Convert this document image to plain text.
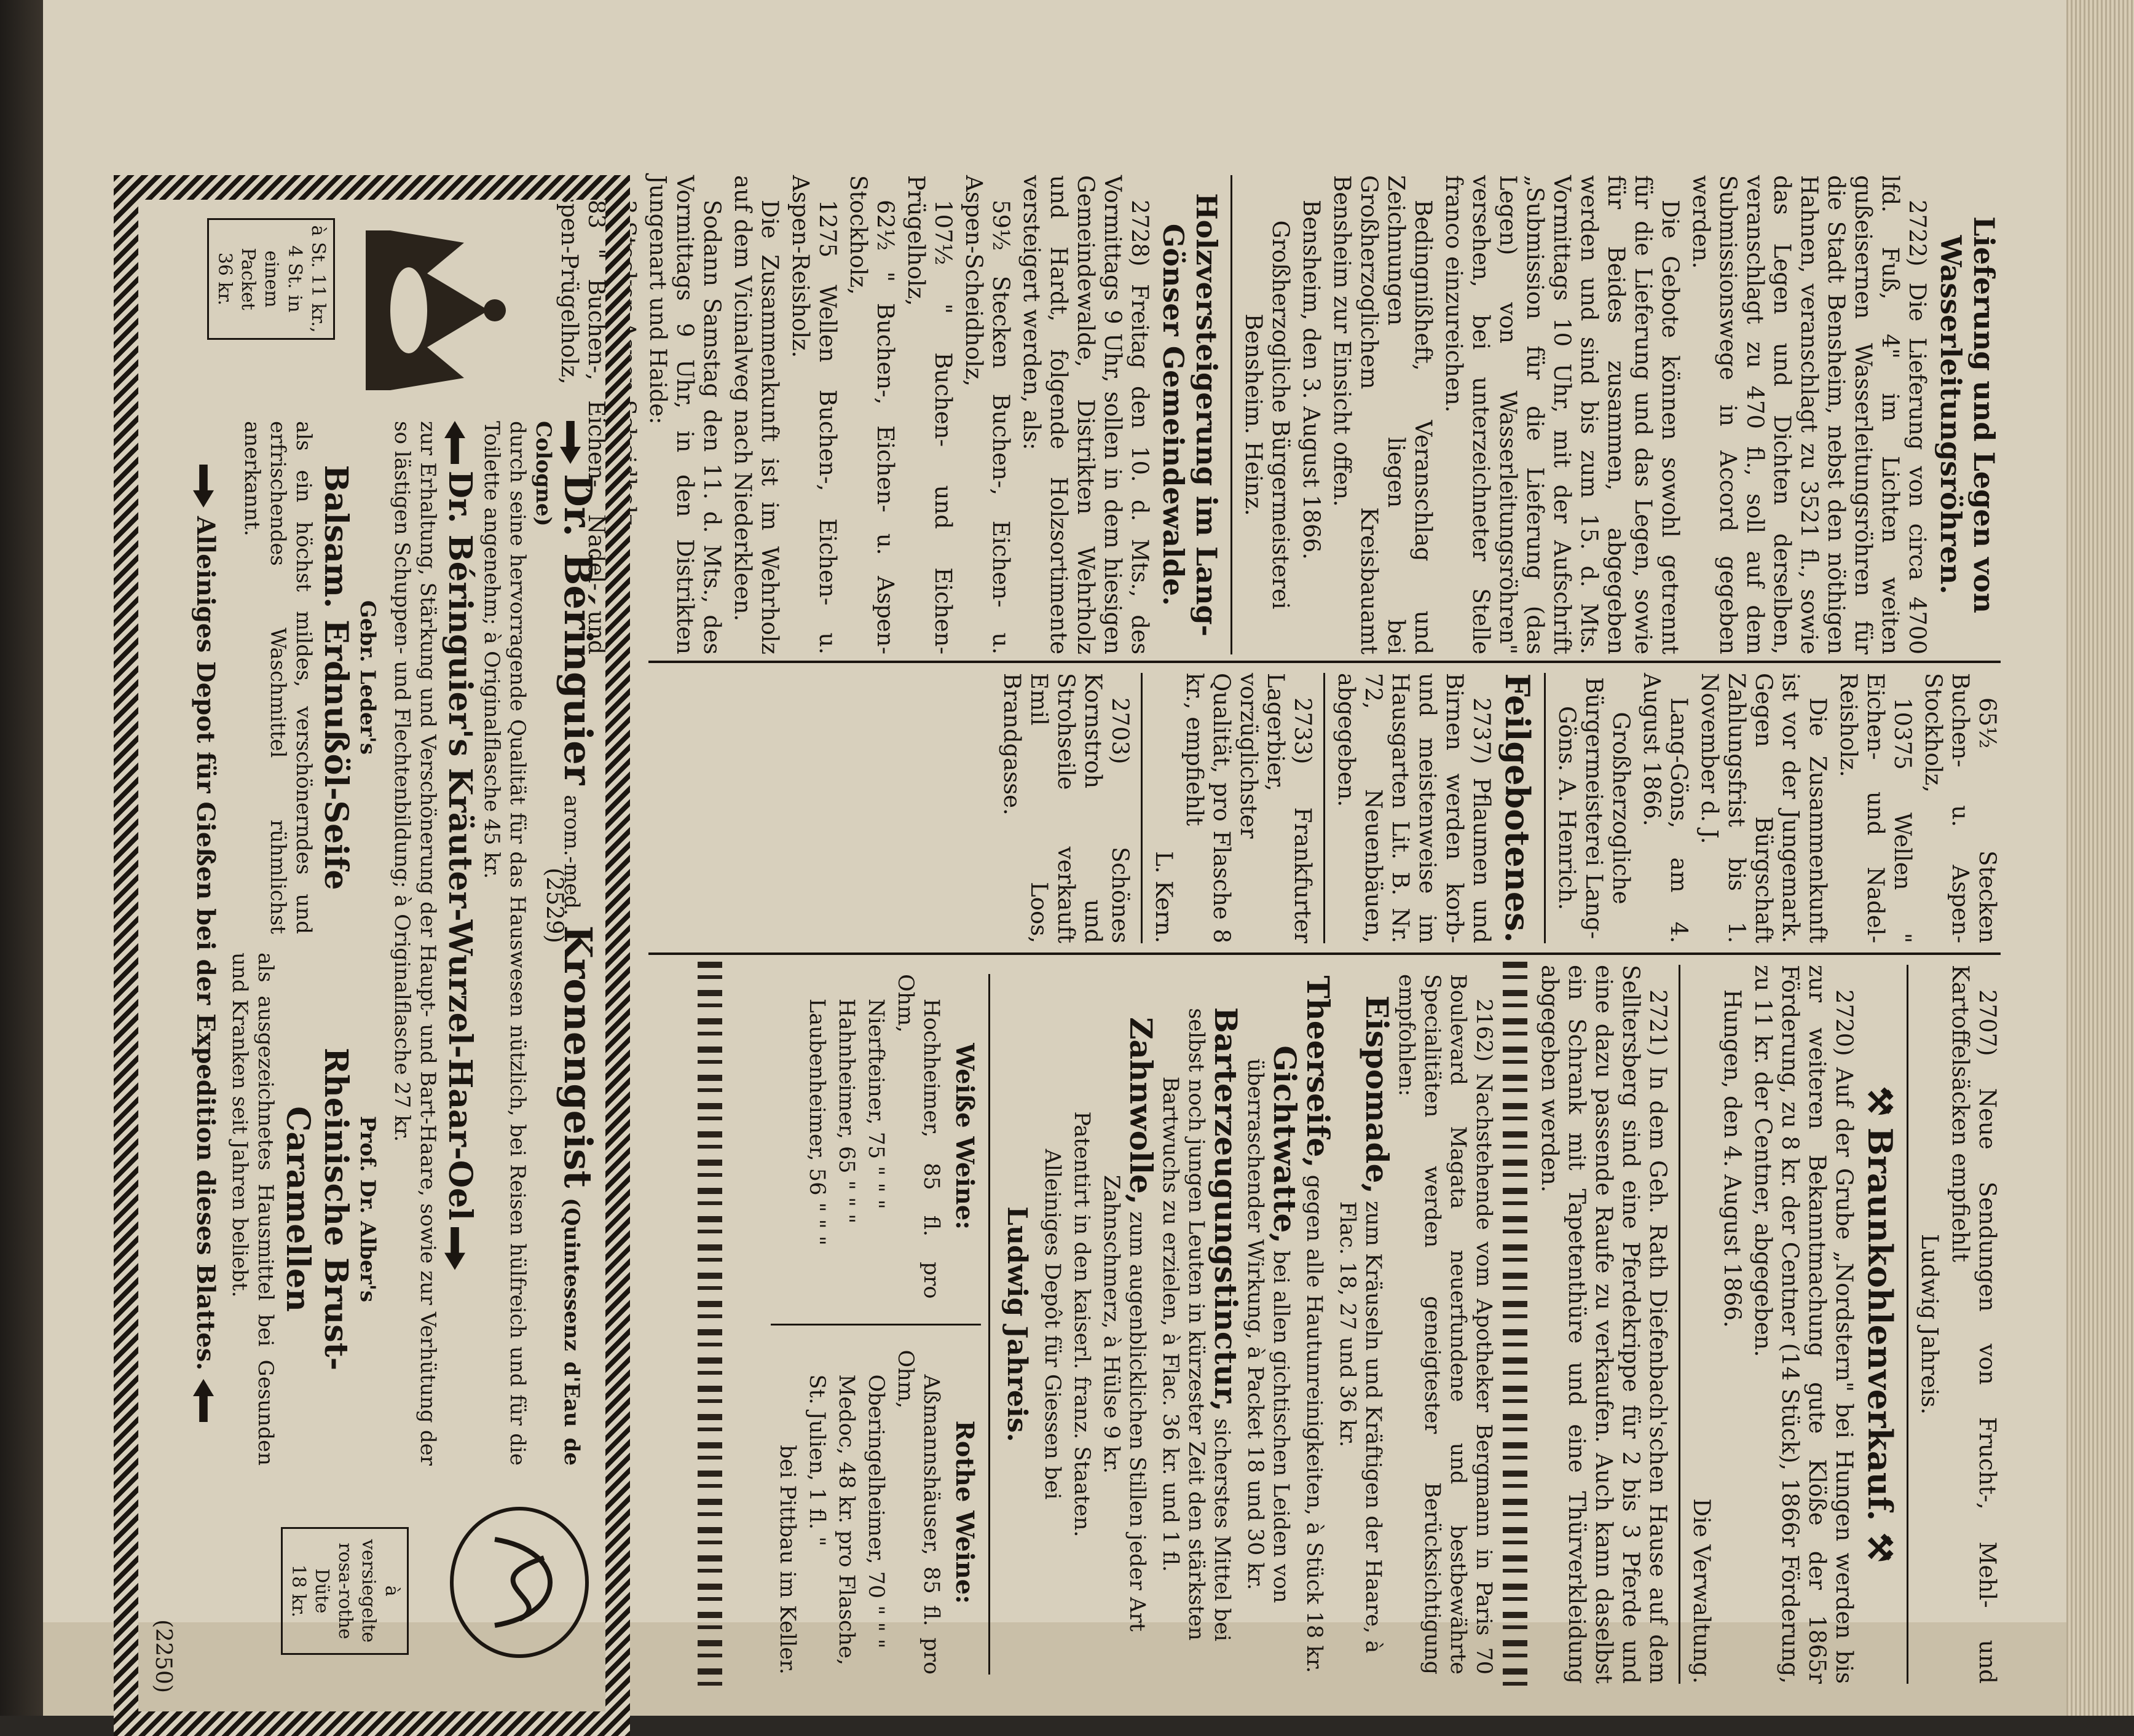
Lieferung und Legen von Wasserleitungsröhren.

2722) Die Lieferung von circa 4700 lfd. Fuß, 4" im Lichten weiten gußeisernen Wasserleitungsröhren für die Stadt Bensheim, nebst den nöthigen Hahnen, veranschlagt zu 3521 fl., sowie das Legen und Dichten derselben, veranschlagt zu 470 fl., soll auf dem Submissionswege in Accord gegeben werden.

Die Gebote können sowohl getrennt für die Lieferung und das Legen, sowie für Beides zusammen, abgegeben werden und sind bis zum 15. d. Mts. Vormittags 10 Uhr, mit der Aufschrift „Submission für die Lieferung (das Legen) von Wasserleitungsröhren" versehen, bei unterzeichneter Stelle franco einzureichen.

Bedingnißheft, Veranschlag und Zeichnungen liegen bei Großherzoglichem Kreisbauamt Bensheim zur Einsicht offen.

Bensheim, den 3. August 1866.

Großherzogliche Bürgermeisterei Bensheim. Heinz.

Holzversteigerung im Lang-Gönser Gemeindewalde.

2728) Freitag den 10. d. Mts., des Vormittags 9 Uhr, sollen in dem hiesigen Gemeindewalde, Distrikten Wehrholz und Hardt, folgende Holzsortimente versteigert werden, als:

59½ Stecken Buchen-, Eichen- u. Aspen-Scheidholz,

107½ " Buchen- und Eichen-Prügelholz,

62½ " Buchen-, Eichen- u. Aspen-Stockholz,

1275 Wellen Buchen-, Eichen- u. Aspen-Reisholz.

Die Zusammenkunft ist im Wehrholz auf dem Vicinalweg nach Niederkleen.

Sodann Samstag den 11. d. Mts., des Vormittags 9 Uhr, in den Distrikten Jungenart und Haide:

3 Stecken Aspen-Scheidholz,

83 " Buchen-, Eichen-, Nadel- und Aspen-Prügelholz,

65½ Stecken Buchen- u. Aspen-Stockholz,

10375 Wellen " Eichen- und Nadel-Reisholz.

Die Zusammenkunft ist vor der Jungemark. Gegen Bürgschaft Zahlungsfrist bis 1. November d. J.

Lang-Göns, am 4. August 1866.

Großherzogliche Bürgermeisterei Lang-Göns. A. Henrich.

Feilgebotenes.

2737) Pflaumen und Birnen werden korb- und meistenweise im Hausgarten Lit. B. Nr. 72, Neuenbäuen, abgegeben.

2733) Frankfurter Lagerbier, vorzüglichster Qualität, pro Flasche 8 kr., empfiehlt

L. Kern.

2703) Schönes Kornstroh und Strohseile verkauft Emil Loos, Brandgasse.

(2529)

2707) Neue Sendungen von Frucht-, Mehl- und Kartoffelsäcken empfiehlt

Ludwig Jahreis.

⚒ Braunkohlenverkauf. ⚒

2720) Auf der Grube „Nordstern" bei Hungen werden bis zur weiteren Bekanntmachung gute Klöße der 1865r Förderung, zu 8 kr. der Centner (14 Stück), 1866r Förderung, zu 11 kr. der Centner, abgegeben.

Hungen, den 4. August 1866.

Die Verwaltung.

2721) In dem Geh. Rath Diefenbach'schen Hause auf dem Selltersberg sind eine Pferdekrippe für 2 bis 3 Pferde und eine dazu passende Raufe zu verkaufen. Auch kann daselbst ein Schrank mit Tapetenthüre und eine Thürverkleidung abgegeben werden.

2162) Nachstehende vom Apotheker Bergmann in Paris 70 Boulevard Magata neuerfundene und bestbewährte Specialitäten werden geneigtester Berücksichtigung empfohlen:

Eispomade, zum Kräuseln und Kräftigen der Haare, à Flac. 18, 27 und 36 kr.

Theerseife, gegen alle Hautunreinigkeiten, à Stück 18 kr.

Gichtwatte, bei allen gichtischen Leiden von überraschender Wirkung, à Packet 18 und 30 kr.

Barterzeugungstinctur, sicherstes Mittel bei selbst noch jungen Leuten in kürzester Zeit den stärksten Bartwuchs zu erzielen, à Flac. 36 kr. und 1 fl.

Zahnwolle, zum augenblicklichen Stillen jeder Art Zahnschmerz, à Hülse 9 kr.

Patentirt in den kaiserl. franz. Staaten.

Alleiniges Depôt für Giessen bei

Ludwig Jahreis.

Weiße Weine:

Hochheimer, 85 fl. pro Ohm,

Nierfteiner, 75 " " "

Hahnheimer, 65 " " "

Laubenheimer, 56 " " "

Rothe Weine:

Aßmannshäuser, 85 fl. pro Ohm,

Oberingelheimer, 70 " " "

Medoc, 48 kr. pro Flasche,

St. Julien, 1 fl. "

bei Pittbau im Keller.

à St. 11 kr.,
4 St. in
einem Packet
36 kr.
Dr. Béringuier arom.-med. Kronengeist (Quintessenz d'Eau de Cologne)
durch seine hervorragende Qualität für das Hauswesen nützlich, bei Reisen hülfreich und für die Toilette angenehm; à Originalflasche 45 kr.
Dr. Béringuier's Kräuter-Wurzel-Haar-Oel
zur Erhaltung, Stärkung und Verschönerung der Haupt- und Bart-Haare, sowie zur Verhütung der so lästigen Schuppen- und Flechtenbildung; à Originalflasche 27 kr.
Gebr. Leder's
Balsam. Erdnußöl-Seife
als ein höchst mildes, verschönerndes und erfrischendes Waschmittel rühmlichst anerkannt.
Prof. Dr. Alber's
Rheinische Brust-Caramellen
als ausgezeichnetes Hausmittel bei Gesunden und Kranken seit Jahren beliebt.
Alleiniges Depot für Gießen bei der Expedition dieses Blattes.
à versiegelte
rosa-rothe
Düte
18 kr.
(2250)
